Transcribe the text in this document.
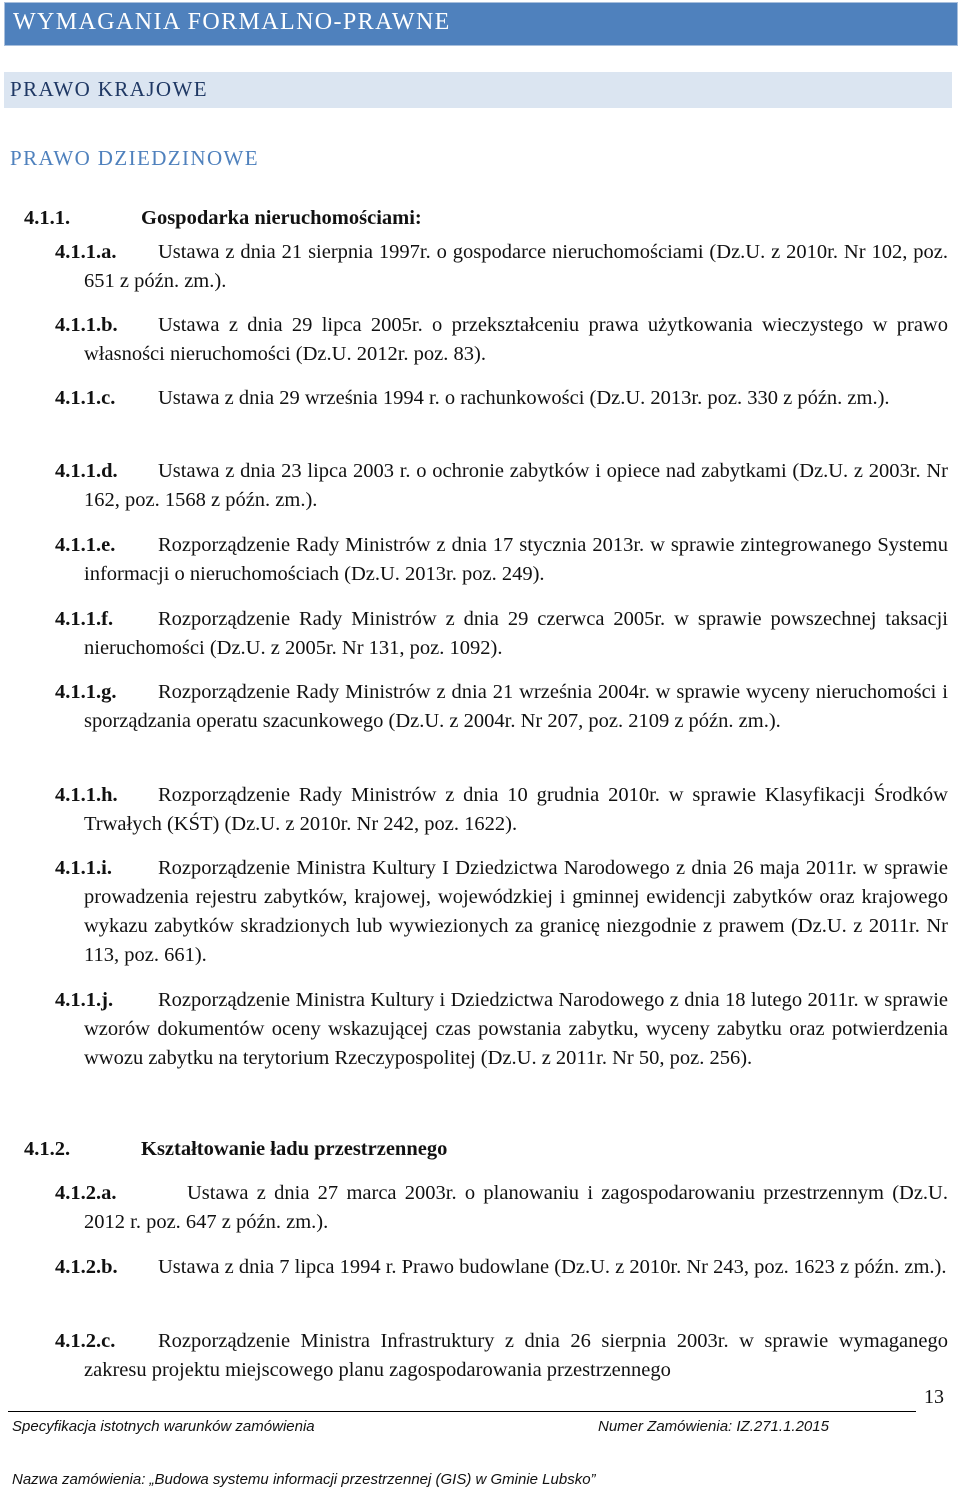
WYMAGANIA FORMALNO-PRAWNE
PRAWO KRAJOWE
PRAWO DZIEDZINOWE
4.1.1.	Gospodarka nieruchomościami:
4.1.1.a. Ustawa z dnia 21 sierpnia 1997r. o gospodarce nieruchomościami (Dz.U. z 2010r. Nr 102, poz. 651 z późn. zm.).
4.1.1.b. Ustawa z dnia 29 lipca 2005r. o przekształceniu prawa użytkowania wieczystego w prawo własności nieruchomości (Dz.U. 2012r. poz. 83).
4.1.1.c. Ustawa z dnia 29 września 1994 r. o rachunkowości (Dz.U. 2013r. poz. 330 z późn. zm.).
4.1.1.d. Ustawa z dnia 23 lipca 2003 r. o ochronie zabytków i opiece nad zabytkami (Dz.U. z 2003r. Nr 162, poz. 1568 z późn. zm.).
4.1.1.e. Rozporządzenie Rady Ministrów z dnia 17 stycznia 2013r. w sprawie zintegrowanego Systemu informacji o nieruchomościach (Dz.U. 2013r. poz. 249).
4.1.1.f. Rozporządzenie Rady Ministrów z dnia 29 czerwca 2005r. w sprawie powszechnej taksacji nieruchomości (Dz.U. z 2005r. Nr 131, poz. 1092).
4.1.1.g. Rozporządzenie Rady Ministrów z dnia 21 września 2004r. w sprawie wyceny nieruchomości i sporządzania operatu szacunkowego (Dz.U. z 2004r. Nr 207, poz. 2109 z późn. zm.).
4.1.1.h. Rozporządzenie Rady Ministrów z dnia 10 grudnia 2010r. w sprawie Klasyfikacji Środków Trwałych (KŚT) (Dz.U. z 2010r. Nr 242, poz. 1622).
4.1.1.i. Rozporządzenie Ministra Kultury I Dziedzictwa Narodowego z dnia 26 maja 2011r. w sprawie prowadzenia rejestru zabytków, krajowej, wojewódzkiej i gminnej ewidencji zabytków oraz krajowego wykazu zabytków skradzionych lub wywiezionych za granicę niezgodnie z prawem (Dz.U. z 2011r. Nr 113, poz. 661).
4.1.1.j. Rozporządzenie Ministra Kultury i Dziedzictwa Narodowego z dnia 18 lutego 2011r. w sprawie wzorów dokumentów oceny wskazującej czas powstania zabytku, wyceny zabytku oraz potwierdzenia wwozu zabytku na terytorium Rzeczypospolitej (Dz.U. z 2011r. Nr 50, poz. 256).
4.1.2.	Kształtowanie ładu przestrzennego
4.1.2.a.	Ustawa z dnia 27 marca 2003r. o planowaniu i zagospodarowaniu przestrzennym (Dz.U. 2012 r. poz. 647 z późn. zm.).
4.1.2.b. Ustawa z dnia 7 lipca 1994 r. Prawo budowlane (Dz.U. z 2010r. Nr 243, poz. 1623 z późn. zm.).
4.1.2.c. Rozporządzenie Ministra Infrastruktury z dnia 26 sierpnia 2003r. w sprawie wymaganego zakresu projektu miejscowego planu zagospodarowania przestrzennego
13
Specyfikacja istotnych warunków zamówienia	Numer Zamówienia: IZ.271.1.2015
Nazwa zamówienia: „Budowa systemu informacji przestrzennej (GIS) w Gminie Lubsko”
